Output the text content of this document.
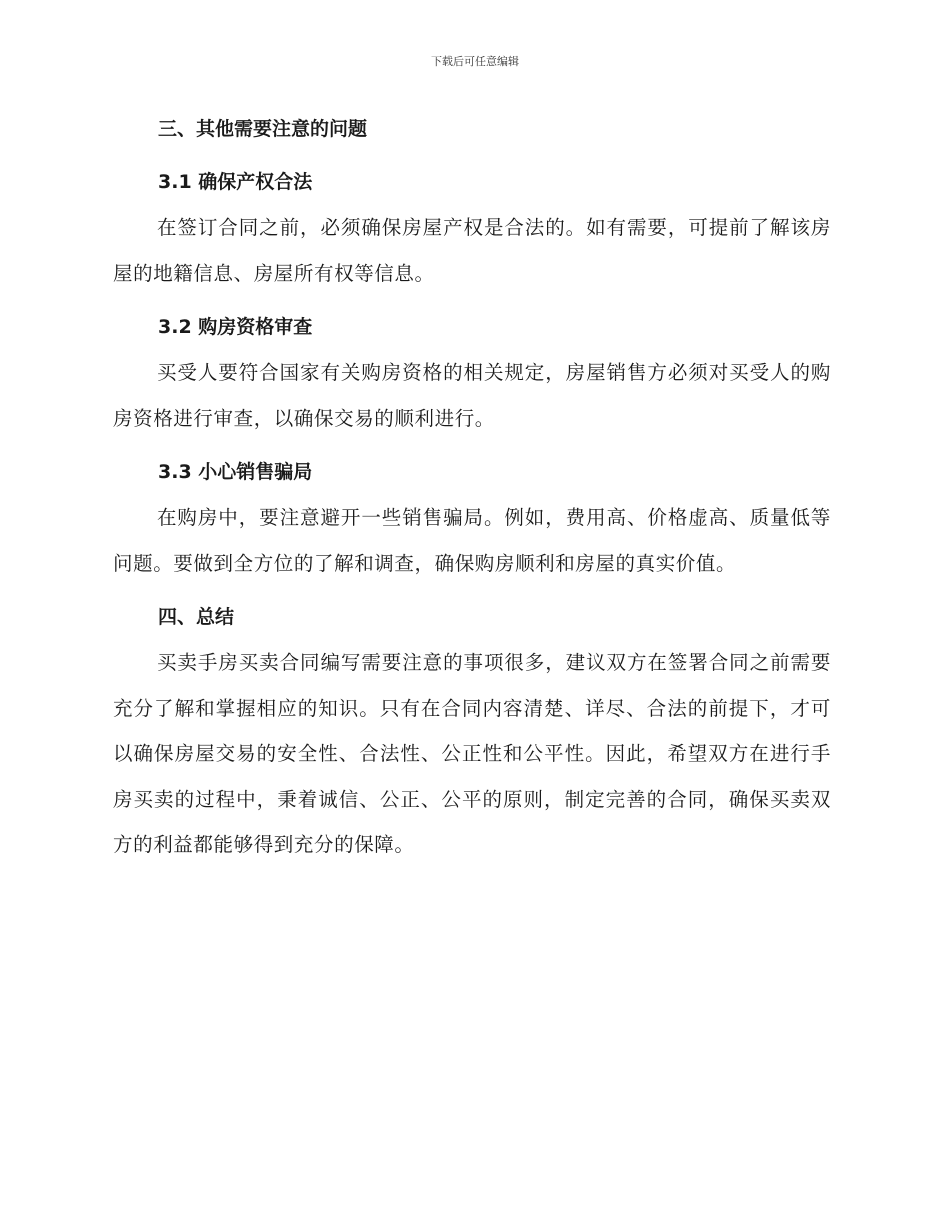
下载后可任意编辑

三、其他需要注意的问题

3.1 确保产权合法

在签订合同之前，必须确保房屋产权是合法的。如有需要，可提前了解该房屋的地籍信息、房屋所有权等信息。

3.2 购房资格审查

买受人要符合国家有关购房资格的相关规定，房屋销售方必须对买受人的购房资格进行审查，以确保交易的顺利进行。

3.3 小心销售骗局

在购房中，要注意避开一些销售骗局。例如，费用高、价格虚高、质量低等问题。要做到全方位的了解和调查，确保购房顺利和房屋的真实价值。

四、总结

买卖手房买卖合同编写需要注意的事项很多，建议双方在签署合同之前需要充分了解和掌握相应的知识。只有在合同内容清楚、详尽、合法的前提下，才可以确保房屋交易的安全性、合法性、公正性和公平性。因此，希望双方在进行手房买卖的过程中，秉着诚信、公正、公平的原则，制定完善的合同，确保买卖双方的利益都能够得到充分的保障。
